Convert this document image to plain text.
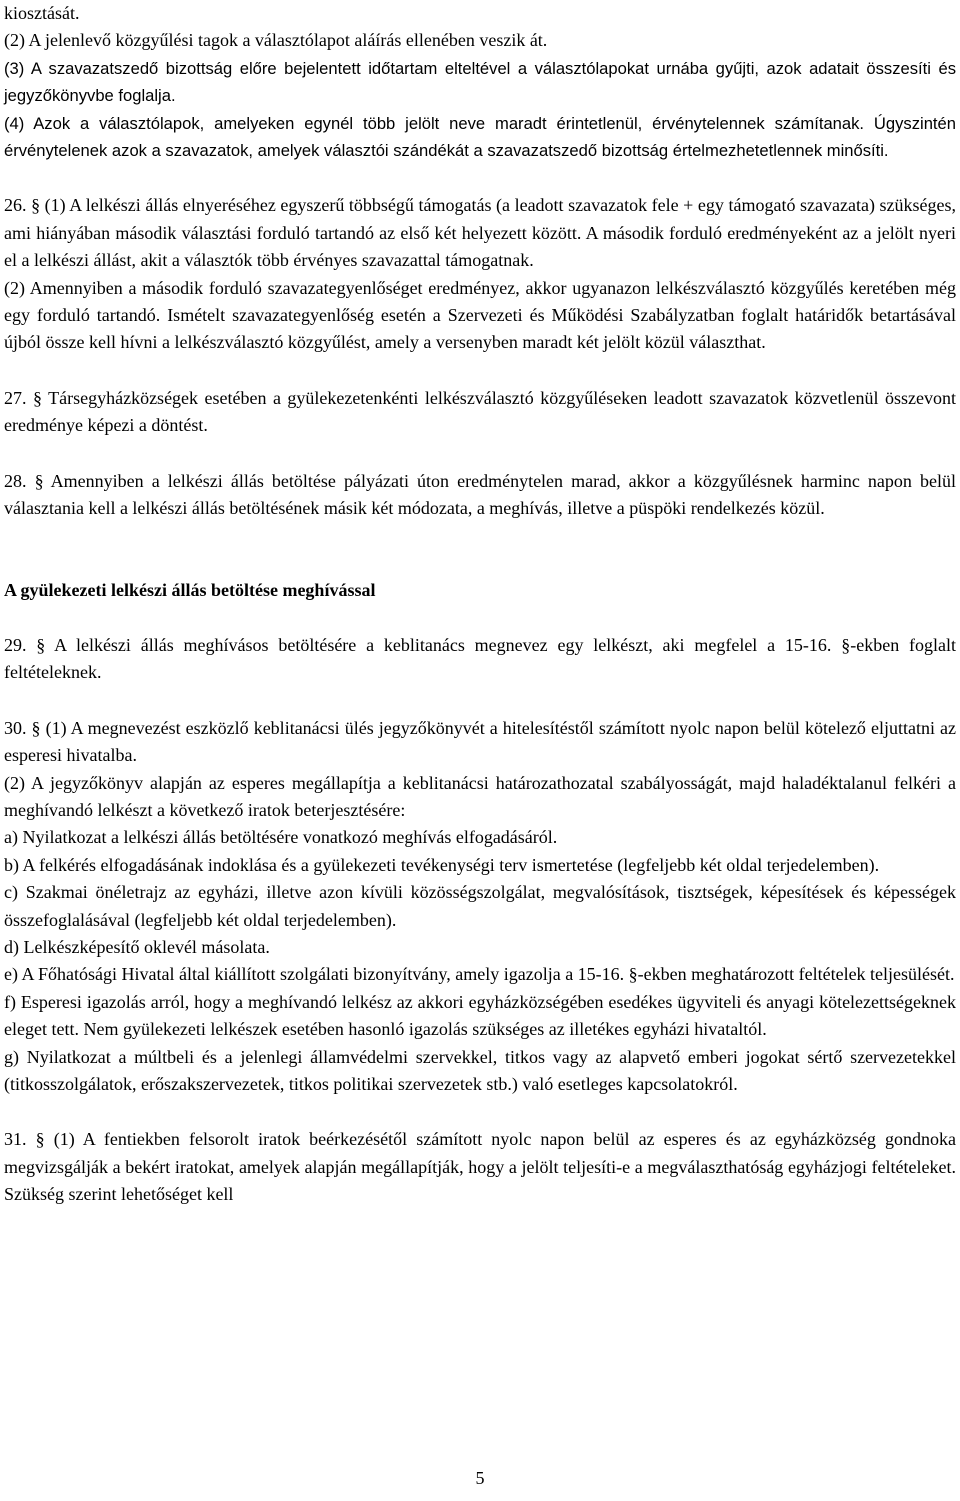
kiosztását.

(2) A jelenlevő közgyűlési tagok a választólapot aláírás ellenében veszik át.

(3) A szavazatszedő bizottság előre bejelentett időtartam elteltével a választólapokat urnába gyűjti, azok adatait összesíti és jegyzőkönyvbe foglalja.

(4) Azok a választólapok, amelyeken egynél több jelölt neve maradt érintetlenül, érvénytelennek számítanak. Úgyszintén érvénytelenek azok a szavazatok, amelyek választói szándékát a szavazatszedő bizottság értelmezhetetlennek minősíti.

26. § (1) A lelkészi állás elnyeréséhez egyszerű többségű támogatás (a leadott szavazatok fele + egy támogató szavazata) szükséges, ami hiányában második választási forduló tartandó az első két helyezett között. A második forduló eredményeként az a jelölt nyeri el a lelkészi állást, akit a választók több érvényes szavazattal támogatnak.

(2) Amennyiben a második forduló szavazategyenlőséget eredményez, akkor ugyanazon lelkészválasztó közgyűlés keretében még egy forduló tartandó. Ismételt szavazategyenlőség esetén a Szervezeti és Működési Szabályzatban foglalt határidők betartásával újból össze kell hívni a lelkészválasztó közgyűlést, amely a versenyben maradt két jelölt közül választhat.

27. § Társegyházközségek esetében a gyülekezetenkénti lelkészválasztó közgyűléseken leadott szavazatok közvetlenül összevont eredménye képezi a döntést.

28. § Amennyiben a lelkészi állás betöltése pályázati úton eredménytelen marad, akkor a közgyűlésnek harminc napon belül választania kell a lelkészi állás betöltésének másik két módozata, a meghívás, illetve a püspöki rendelkezés közül.

A gyülekezeti lelkészi állás betöltése meghívással

29. § A lelkészi állás meghívásos betöltésére a keblitanács megnevez egy lelkészt, aki megfelel a 15-16. §-ekben foglalt feltételeknek.

30. § (1) A megnevezést eszközlő keblitanácsi ülés jegyzőkönyvét a hitelesítéstől számított nyolc napon belül kötelező eljuttatni az esperesi hivatalba.

(2) A jegyzőkönyv alapján az esperes megállapítja a keblitanácsi határozathozatal szabályosságát, majd haladéktalanul felkéri a meghívandó lelkészt a következő iratok beterjesztésére:

a) Nyilatkozat a lelkészi állás betöltésére vonatkozó meghívás elfogadásáról.

b) A felkérés elfogadásának indoklása és a gyülekezeti tevékenységi terv ismertetése (legfeljebb két oldal terjedelemben).

c) Szakmai önéletrajz az egyházi, illetve azon kívüli közösségszolgálat, megvalósítások, tisztségek, képesítések és képességek összefoglalásával (legfeljebb két oldal terjedelemben).

d) Lelkészképesítő oklevél másolata.

e) A Főhatósági Hivatal által kiállított szolgálati bizonyítvány, amely igazolja a 15-16. §-ekben meghatározott feltételek teljesülését.

f) Esperesi igazolás arról, hogy a meghívandó lelkész az akkori egyházközségében esedékes ügyviteli és anyagi kötelezettségeknek eleget tett. Nem gyülekezeti lelkészek esetében hasonló igazolás szükséges az illetékes egyházi hivataltól.

g) Nyilatkozat a múltbeli és a jelenlegi államvédelmi szervekkel, titkos vagy az alapvető emberi jogokat sértő szervezetekkel (titkosszolgálatok, erőszakszervezetek, titkos politikai szervezetek stb.) való esetleges kapcsolatokról.

31. § (1) A fentiekben felsorolt iratok beérkezésétől számított nyolc napon belül az esperes és az egyházközség gondnoka megvizsgálják a bekért iratokat, amelyek alapján megállapítják, hogy a jelölt teljesíti-e a megválaszthatóság egyházjogi feltételeket. Szükség szerint lehetőséget kell

5
